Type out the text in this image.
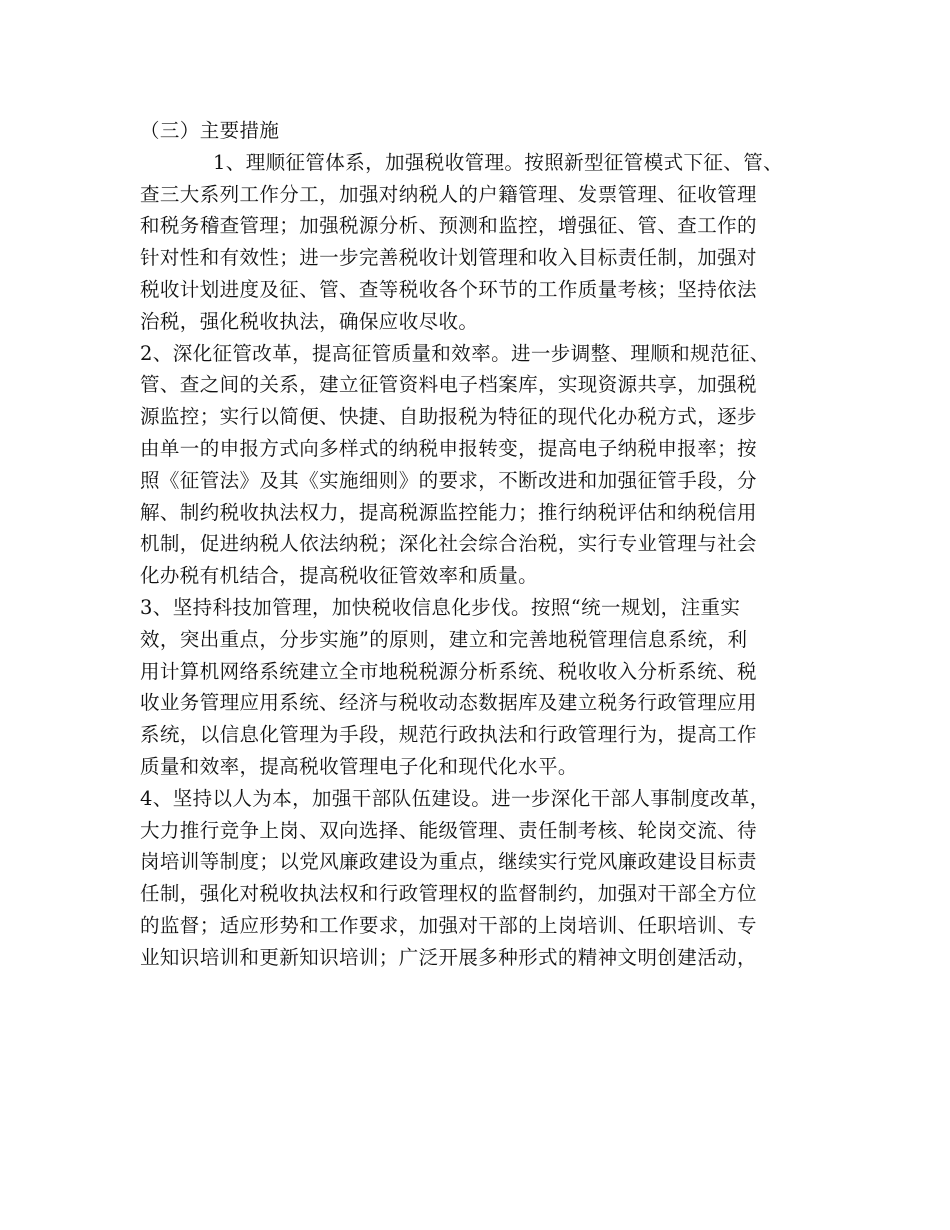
（三）主要措施
1、理顺征管体系，加强税收管理。按照新型征管模式下征、管、
查三大系列工作分工，加强对纳税人的户籍管理、发票管理、征收管理
和税务稽查管理；加强税源分析、预测和监控，增强征、管、查工作的
针对性和有效性；进一步完善税收计划管理和收入目标责任制，加强对
税收计划进度及征、管、查等税收各个环节的工作质量考核；坚持依法
治税，强化税收执法，确保应收尽收。
2、深化征管改革，提高征管质量和效率。进一步调整、理顺和规范征、
管、查之间的关系，建立征管资料电子档案库，实现资源共享，加强税
源监控；实行以简便、快捷、自助报税为特征的现代化办税方式，逐步
由单一的申报方式向多样式的纳税申报转变，提高电子纳税申报率；按
照《征管法》及其《实施细则》的要求，不断改进和加强征管手段，分
解、制约税收执法权力，提高税源监控能力；推行纳税评估和纳税信用
机制，促进纳税人依法纳税；深化社会综合治税，实行专业管理与社会
化办税有机结合，提高税收征管效率和质量。
3、坚持科技加管理，加快税收信息化步伐。按照“统一规划，注重实
效，突出重点，分步实施”的原则，建立和完善地税管理信息系统，利
用计算机网络系统建立全市地税税源分析系统、税收收入分析系统、税
收业务管理应用系统、经济与税收动态数据库及建立税务行政管理应用
系统，以信息化管理为手段，规范行政执法和行政管理行为，提高工作
质量和效率，提高税收管理电子化和现代化水平。
4、坚持以人为本，加强干部队伍建设。进一步深化干部人事制度改革，
大力推行竞争上岗、双向选择、能级管理、责任制考核、轮岗交流、待
岗培训等制度；以党风廉政建设为重点，继续实行党风廉政建设目标责
任制，强化对税收执法权和行政管理权的监督制约，加强对干部全方位
的监督；适应形势和工作要求，加强对干部的上岗培训、任职培训、专
业知识培训和更新知识培训；广泛开展多种形式的精神文明创建活动，
